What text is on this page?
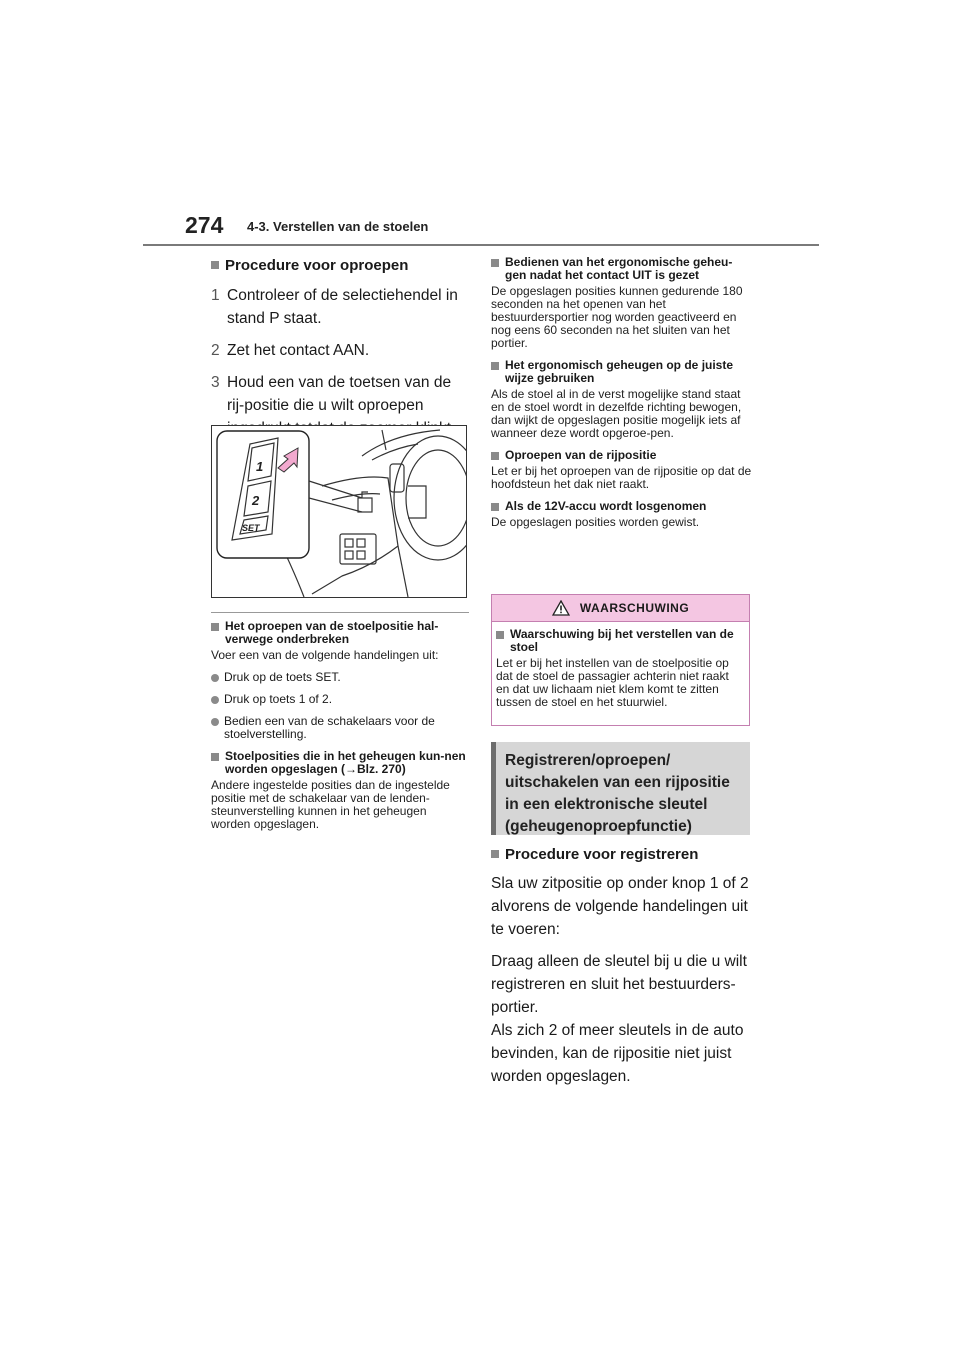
274 4-3. Verstellen van de stoelen
Procedure voor oproepen
1 Controleer of de selectiehendel in stand P staat.
2 Zet het contact AAN.
3 Houd een van de toetsen van de rij-positie die u wilt oproepen
1
2
SET
Het oproepen van de stoelpositie hal-verwege onderbreken
Voer een van de volgende handelingen uit:
Druk op de toets SET.
Druk op toets 1 of 2.
Bedien een van de schakelaars voor de stoelverstelling.
Stoelposities die in het geheugen kun-nen worden opgeslagen (→Blz. 270)
Andere ingestelde posities dan de ingestelde positie met de schakelaar van de lenden-steunverstelling kunnen in het geheugen worden opgeslagen.
Bedienen van het ergonomische geheu-gen nadat het contact UIT is gezet
De opgeslagen posities kunnen gedurende 180 seconden na het openen van het bestuurdersportier nog worden geactiveerd en nog eens 60 seconden na het sluiten van het portier.
Het ergonomisch geheugen op de juiste wijze gebruiken
Als de stoel al in de verst mogelijke stand staat en de stoel wordt in dezelfde richting bewogen, dan wijkt de opgeslagen positie mogelijk iets af wanneer deze wordt opgeroe-pen.
Oproepen van de rijpositie
Let er bij het oproepen van de rijpositie op dat de hoofdsteun het dak niet raakt.
Als de 12V-accu wordt losgenomen
De opgeslagen posities worden gewist.
WAARSCHUWING
Waarschuwing bij het verstellen van de stoel
Let er bij het instellen van de stoelpositie op dat de stoel de passagier achterin niet raakt en dat uw lichaam niet klem komt te zitten tussen de stoel en het stuurwiel.
Registreren/oproepen/
uitschakelen van een rijpositie
in een elektronische sleutel
(geheugenoproepfunctie)
Procedure voor registreren

Sla uw zitpositie op onder knop 1 of 2 alvorens de volgende handelingen uit te voeren:

Draag alleen de sleutel bij u die u wilt registreren en sluit het bestuurders-portier.

Als zich 2 of meer sleutels in de auto bevinden, kan de rijpositie niet juist worden opgeslagen.
